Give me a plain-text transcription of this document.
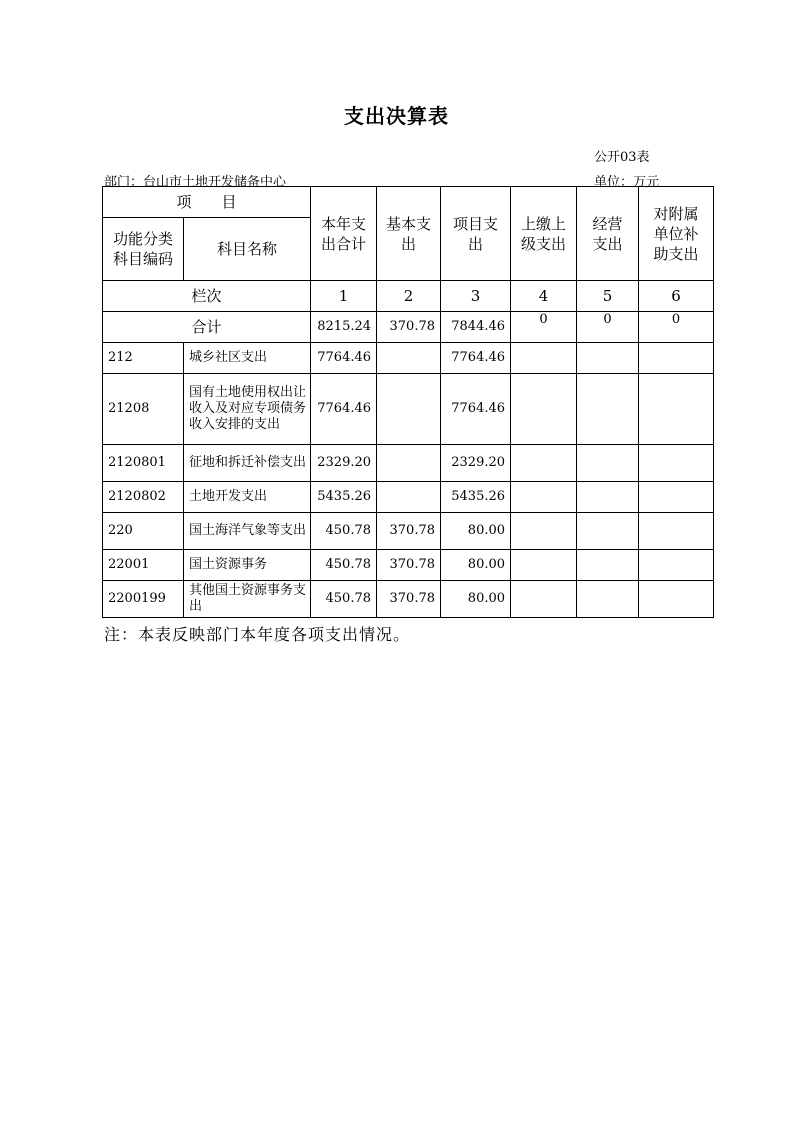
支出决算表
公开03表
部门：台山市土地开发储备中心	单位：万元
项　　目		本年支出合计	基本支出	项目支出	上缴上级支出	经营支出	对附属单位补助支出

功能分类科目编码	科目名称						
栏次		1	2	3	4	5	6
合计		8215.24	370.78	7844.46	0	0	0
212	城乡社区支出	7764.46		7764.46			
21208	国有土地使用权出让收入及对应专项债务收入安排的支出	7764.46		7764.46			
2120801	征地和拆迁补偿支出	2329.20		2329.20			
2120802	土地开发支出	5435.26		5435.26			
220	国土海洋气象等支出	450.78	370.78	80.00			
22001	国土资源事务	450.78	370.78	80.00			
2200199	其他国土资源事务支出	450.78	370.78	80.00			
注：本表反映部门本年度各项支出情况。
